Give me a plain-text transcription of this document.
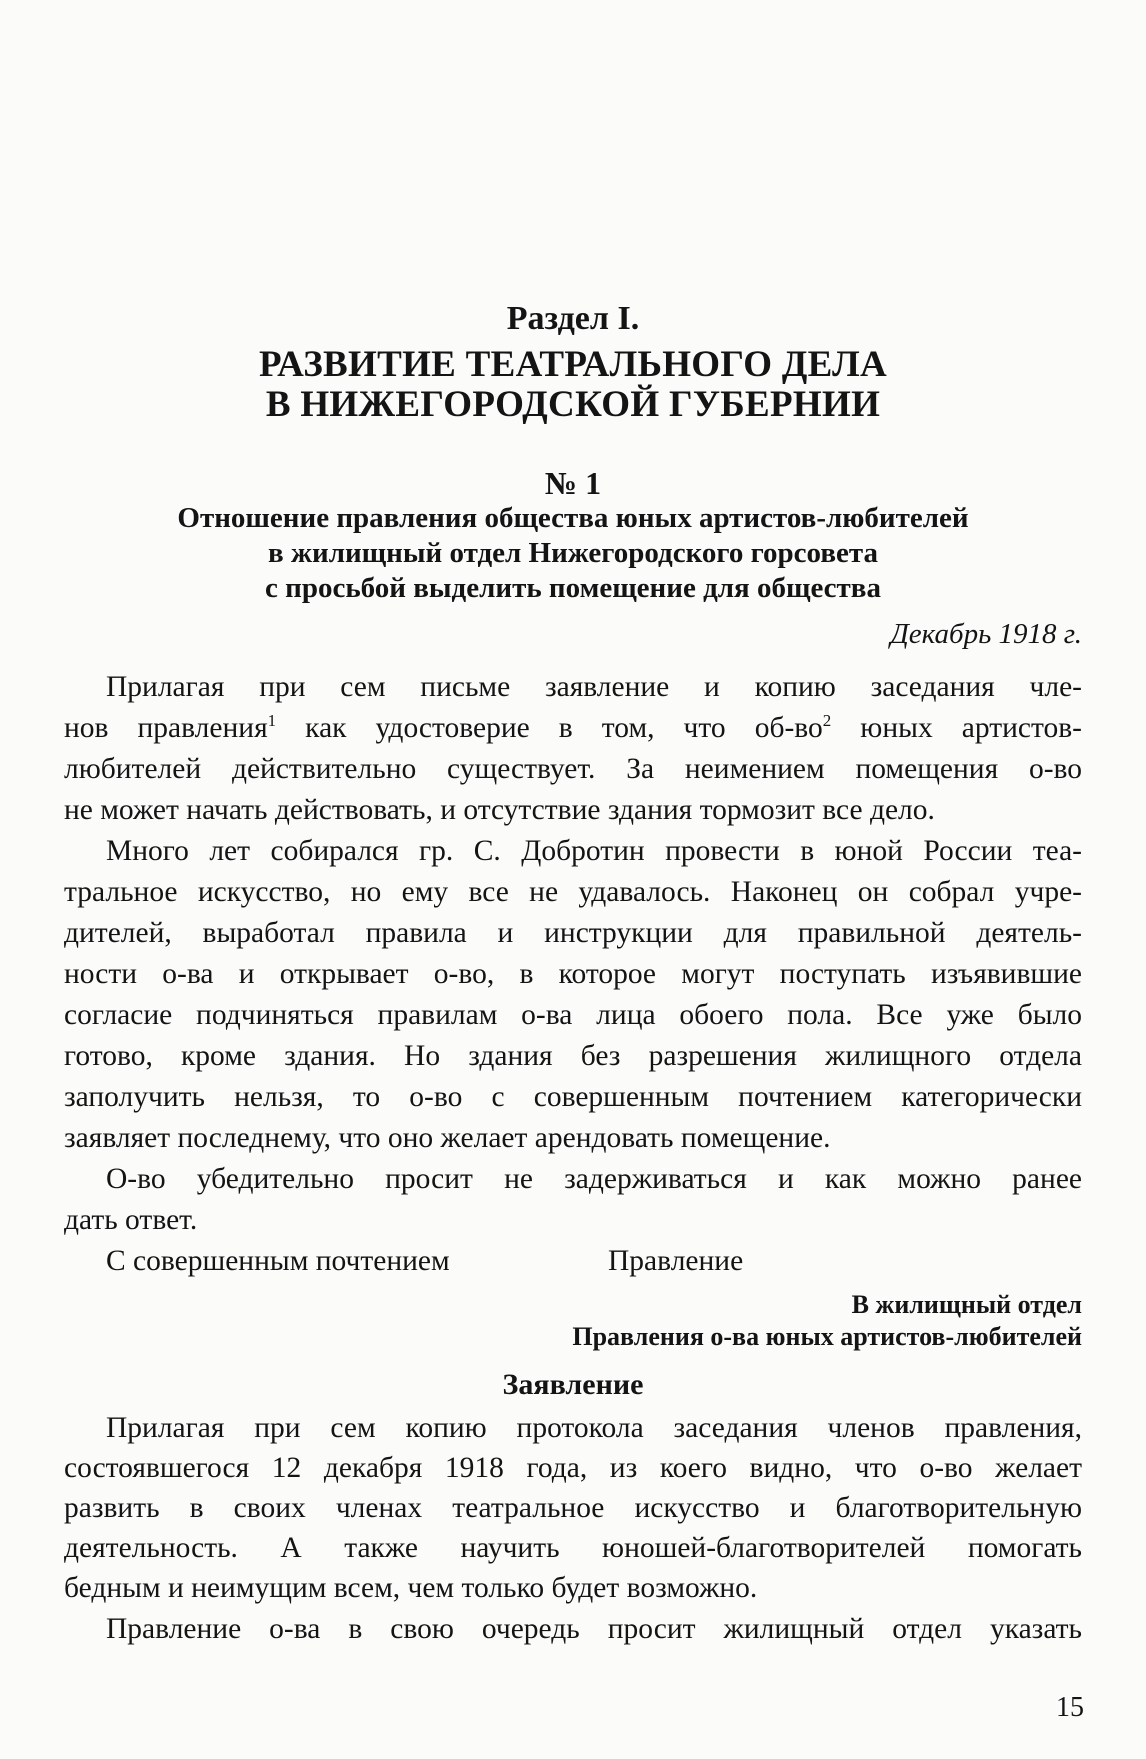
Раздел I.
РАЗВИТИЕ ТЕАТРАЛЬНОГО ДЕЛА
В НИЖЕГОРОДСКОЙ ГУБЕРНИИ
№ 1
Отношение правления общества юных артистов-любителей
в жилищный отдел Нижегородского горсовета
с просьбой выделить помещение для общества
Декабрь 1918 г.
Прилагая при сем письме заявление и копию заседания чле-
нов правления$^1$ как удостоверие в том, что $об-во^2$ юных артистов-
любителей действительно существует. За неимением помещения о-во
не может начать действовать, и отсутствие здания тормозит все дело.
Много лет собирался гр. С. Добротин провести в юной России теа-
тральное искусство, но ему все не удавалось. Наконец он собрал учре-
дителей, выработал правила и инструкции для правильной деятель-
ности о-ва и открывает о-во, в которое могут поступать изъявившие
согласие подчиняться правилам о-ва лица обоего пола. Все уже было
готово, кроме здания. Но здания без разрешения жилищного отдела
заполучить нельзя, то о-во с совершенным почтением категорически
заявляет последнему, что оно желает арендовать помещение.
15
О-во убедительно просит не задерживаться и как можно ранее
дать ответ.
С совершенным почтением	Правление
В жилищный отдел
Правления о-ва юных артистов-любителей
Заявление
Прилагая при сем копию протокола заседания членов правления,
состоявшегося 12 декабря 1918 года, из коего видно, что о-во желает
развить в своих членах театральное искусство и благотворительную
деятельность. А также научить юношей-благотворителей помогать
бедным и неимущим всем, чем только будет возможно.
Правление о-ва в свою очередь просит жилищный отдел указать
